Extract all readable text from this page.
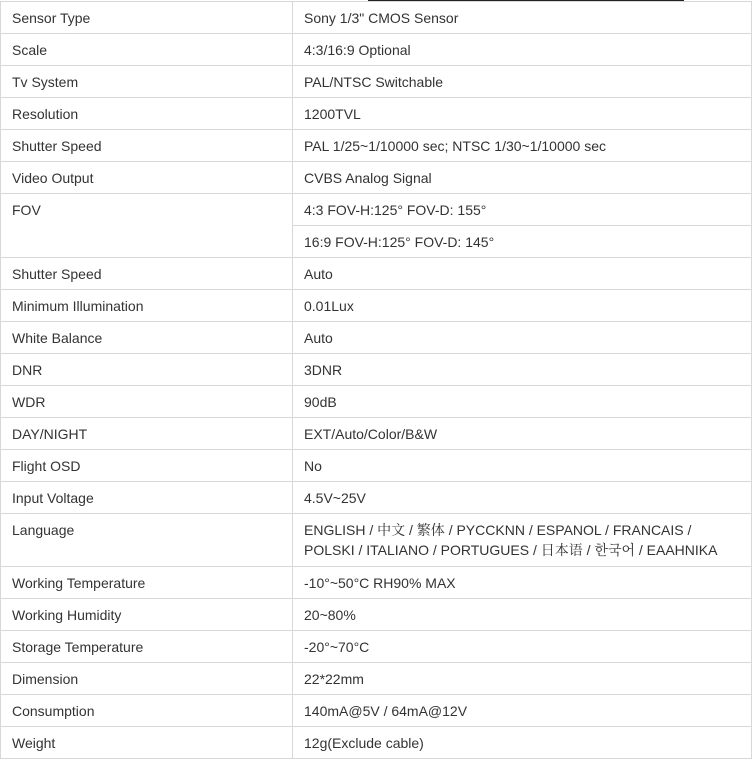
Sensor Type	Sony 1/3" CMOS Sensor
Scale	4:3/16:9 Optional
Tv System	PAL/NTSC Switchable
Resolution	1200TVL
Shutter Speed	PAL 1/25~1/10000 sec; NTSC 1/30~1/10000 sec
Video Output	CVBS Analog Signal
FOV	4:3 FOV-H:125° FOV-D: 155°
	16:9 FOV-H:125° FOV-D: 145°
Shutter Speed	Auto
Minimum Illumination	0.01Lux
White Balance	Auto
DNR	3DNR
WDR	90dB
DAY/NIGHT	EXT/Auto/Color/B&W
Flight OSD	No
Input Voltage	4.5V~25V
Language	ENGLISH / 中文 / 繁体 / PYCCKNN / ESPANOL / FRANCAIS /
POLSKI / ITALIANO / PORTUGUES / 日本语 / 한국어 / EAAHNIKA

Working Temperature	-10°~50°C RH90% MAX
Working Humidity	20~80%
Storage Temperature	-20°~70°C
Dimension	22*22mm
Consumption	140mA@5V / 64mA@12V
Weight	12g(Exclude cable)
